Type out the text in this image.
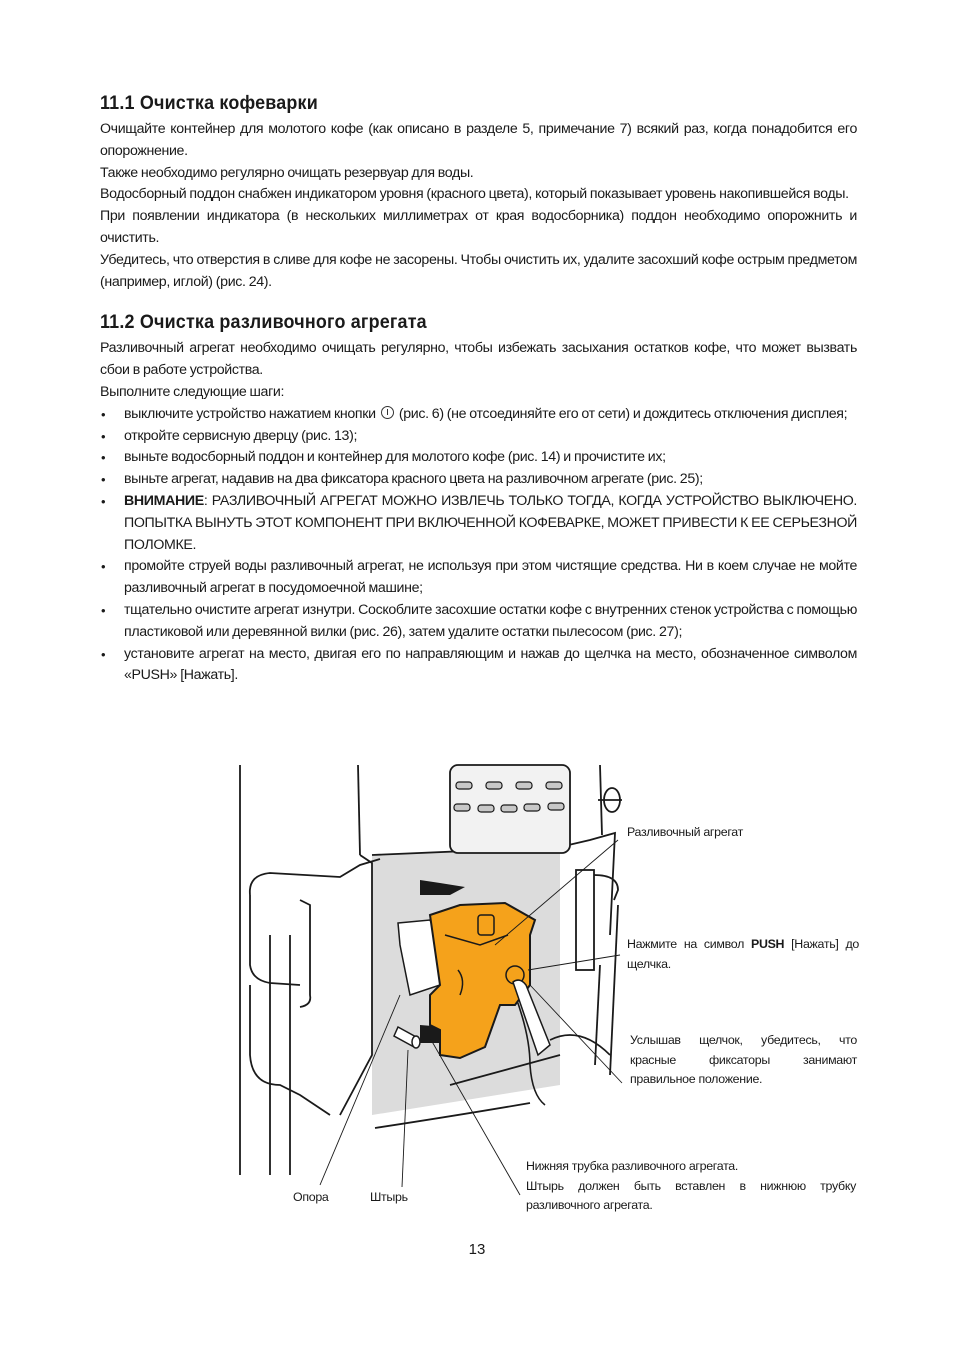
11.1 Очистка кофеварки

Очищайте контейнер для молотого кофе (как описано в разделе 5, примечание 7) всякий раз, когда понадобится его опорожнение.

Также необходимо регулярно очищать резервуар для воды.

Водосборный поддон снабжен индикатором уровня (красного цвета), который показывает уровень накопившейся воды.

При появлении индикатора (в нескольких миллиметрах от края водосборника) поддон необходимо опорожнить и очистить.

Убедитесь, что отверстия в сливе для кофе не засорены. Чтобы очистить их, удалите засохший кофе острым предметом (например, иглой) (рис. 24).

11.2 Очистка разливочного агрегата

Разливочный агрегат необходимо очищать регулярно, чтобы избежать засыхания остатков кофе, что может вызвать сбои в работе устройства.

Выполните следующие шаги:

• выключите устройство нажатием кнопки (рис. 6) (не отсоединяйте его от сети) и дождитесь отключения дисплея;
• откройте сервисную дверцу (рис. 13);
• выньте водосборный поддон и контейнер для молотого кофе (рис. 14) и прочистите их;
• выньте агрегат, надавив на два фиксатора красного цвета на разливочном агрегате (рис. 25);
• ВНИМАНИЕ: РАЗЛИВОЧНЫЙ АГРЕГАТ МОЖНО ИЗВЛЕЧЬ ТОЛЬКО ТОГДА, КОГДА УСТРОЙСТВО ВЫКЛЮЧЕНО. ПОПЫТКА ВЫНУТЬ ЭТОТ КОМПОНЕНТ ПРИ ВКЛЮЧЕННОЙ КОФЕВАРКЕ, МОЖЕТ ПРИВЕСТИ К ЕЕ СЕРЬЕЗНОЙ ПОЛОМКЕ.
• промойте струей воды разливочный агрегат, не используя при этом чистящие средства. Ни в коем случае не мойте разливочный агрегат в посудомоечной машине;
• тщательно очистите агрегат изнутри. Соскоблите засохшие остатки кофе с внутренних стенок устройства с помощью пластиковой или деревянной вилки (рис. 26), затем удалите остатки пылесосом (рис. 27);
• установите агрегат на место, двигая его по направляющим и нажав до щелчка на место, обозначенное символом «PUSH» [Нажать].
Разливочный агрегат
Нажмите на символ PUSH [Нажать] до щелчка.
Услышав щелчок, убедитесь, что красные фиксаторы занимают правильное положение.
Нижняя трубка разливочного агрегата.
Штырь должен быть вставлен в нижнюю трубку разливочного агрегата.
Опора	Штырь
13
